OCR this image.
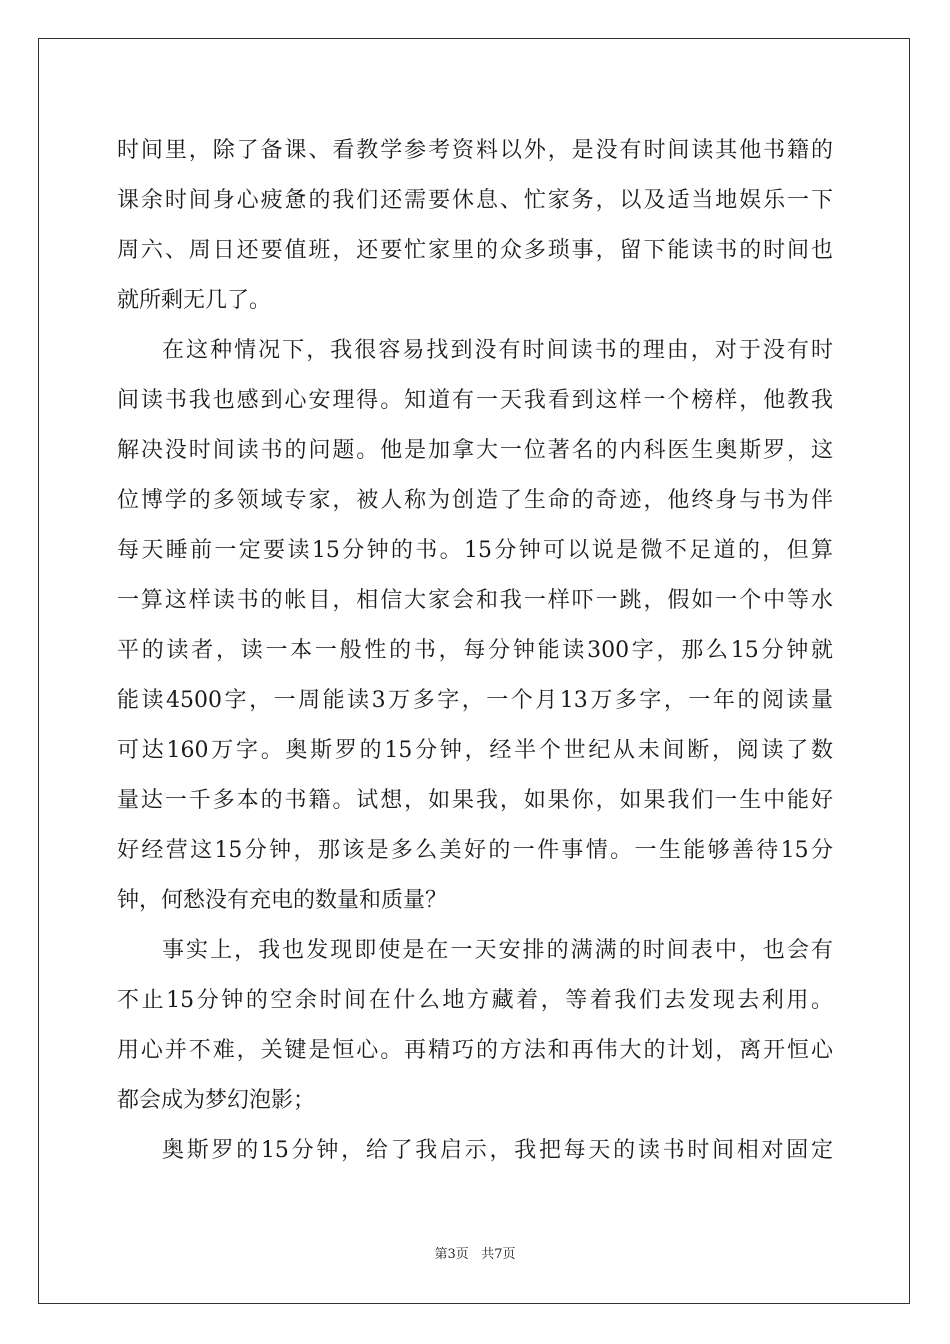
时间里，除了备课、看教学参考资料以外，是没有时间读其他书籍的
课余时间身心疲惫的我们还需要休息、忙家务，以及适当地娱乐一下
周六、周日还要值班，还要忙家里的众多琐事，留下能读书的时间也
就所剩无几了。
在这种情况下，我很容易找到没有时间读书的理由，对于没有时
间读书我也感到心安理得。知道有一天我看到这样一个榜样，他教我
解决没时间读书的问题。他是加拿大一位著名的内科医生奥斯罗，这
位博学的多领域专家，被人称为创造了生命的奇迹，他终身与书为伴
每天睡前一定要读15分钟的书。15分钟可以说是微不足道的，但算
一算这样读书的帐目，相信大家会和我一样吓一跳，假如一个中等水
平的读者，读一本一般性的书，每分钟能读300字，那么15分钟就
能读4500字，一周能读3万多字，一个月13万多字，一年的阅读量
可达160万字。奥斯罗的15分钟，经半个世纪从未间断，阅读了数
量达一千多本的书籍。试想，如果我，如果你，如果我们一生中能好
好经营这15分钟，那该是多么美好的一件事情。一生能够善待15分
钟，何愁没有充电的数量和质量？
事实上，我也发现即使是在一天安排的满满的时间表中，也会有
不止15分钟的空余时间在什么地方藏着，等着我们去发现去利用。
用心并不难，关键是恒心。再精巧的方法和再伟大的计划，离开恒心
都会成为梦幻泡影；
奥斯罗的15分钟，给了我启示，我把每天的读书时间相对固定
第3页 共7页
